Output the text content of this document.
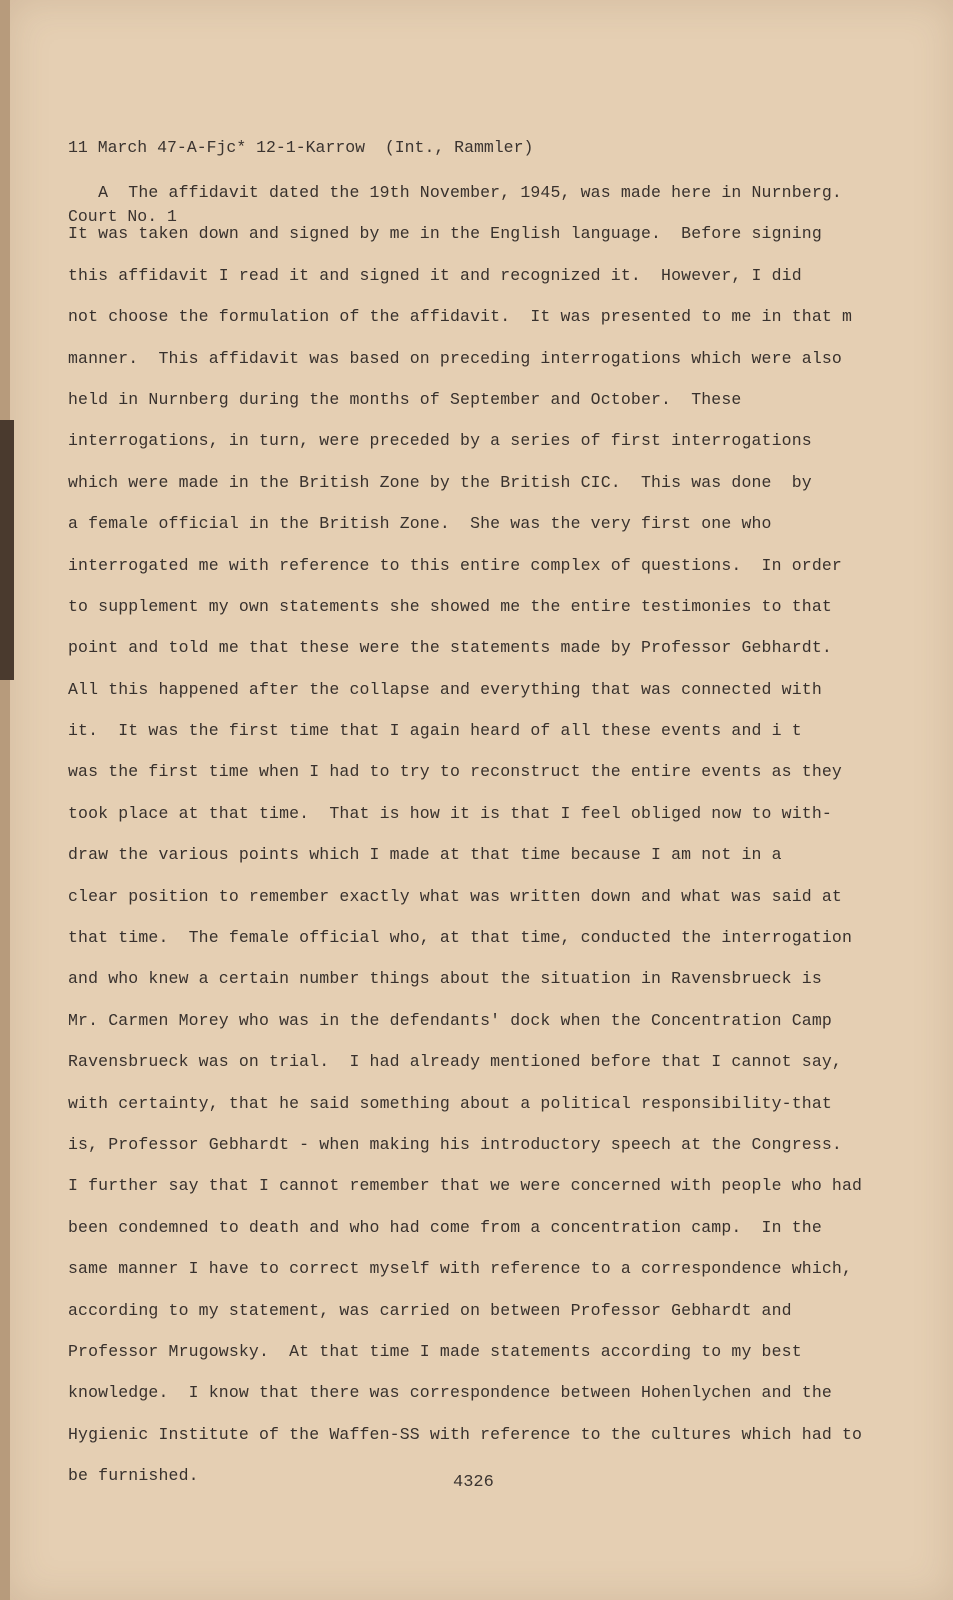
11 March 47-A-Fjc* 12-1-Karrow  (Int., Rammler)

Court No. 1

A  The affidavit dated the 19th November, 1945, was made here in Nurnberg.
It was taken down and signed by me in the English language.  Before signing
this affidavit I read it and signed it and recognized it.  However, I did
not choose the formulation of the affidavit.  It was presented to me in that m
manner.  This affidavit was based on preceding interrogations which were also
held in Nurnberg during the months of September and October.  These
interrogations, in turn, were preceded by a series of first interrogations
which were made in the British Zone by the British CIC.  This was done  by
a female official in the British Zone.  She was the very first one who
interrogated me with reference to this entire complex of questions.  In order
to supplement my own statements she showed me the entire testimonies to that
point and told me that these were the statements made by Professor Gebhardt.
All this happened after the collapse and everything that was connected with
it.  It was the first time that I again heard of all these events and i t
was the first time when I had to try to reconstruct the entire events as they
took place at that time.  That is how it is that I feel obliged now to with-
draw the various points which I made at that time because I am not in a
clear position to remember exactly what was written down and what was said at
that time.  The female official who, at that time, conducted the interrogation
and who knew a certain number things about the situation in Ravensbrueck is
Mr. Carmen Morey who was in the defendants' dock when the Concentration Camp
Ravensbrueck was on trial.  I had already mentioned before that I cannot say,
with certainty, that he said something about a political responsibility-that
is, Professor Gebhardt - when making his introductory speech at the Congress.
I further say that I cannot remember that we were concerned with people who had
been condemned to death and who had come from a concentration camp.  In the
same manner I have to correct myself with reference to a correspondence which,
according to my statement, was carried on between Professor Gebhardt and
Professor Mrugowsky.  At that time I made statements according to my best
knowledge.  I know that there was correspondence between Hohenlychen and the
Hygienic Institute of the Waffen-SS with reference to the cultures which had to
be furnished.	4326
